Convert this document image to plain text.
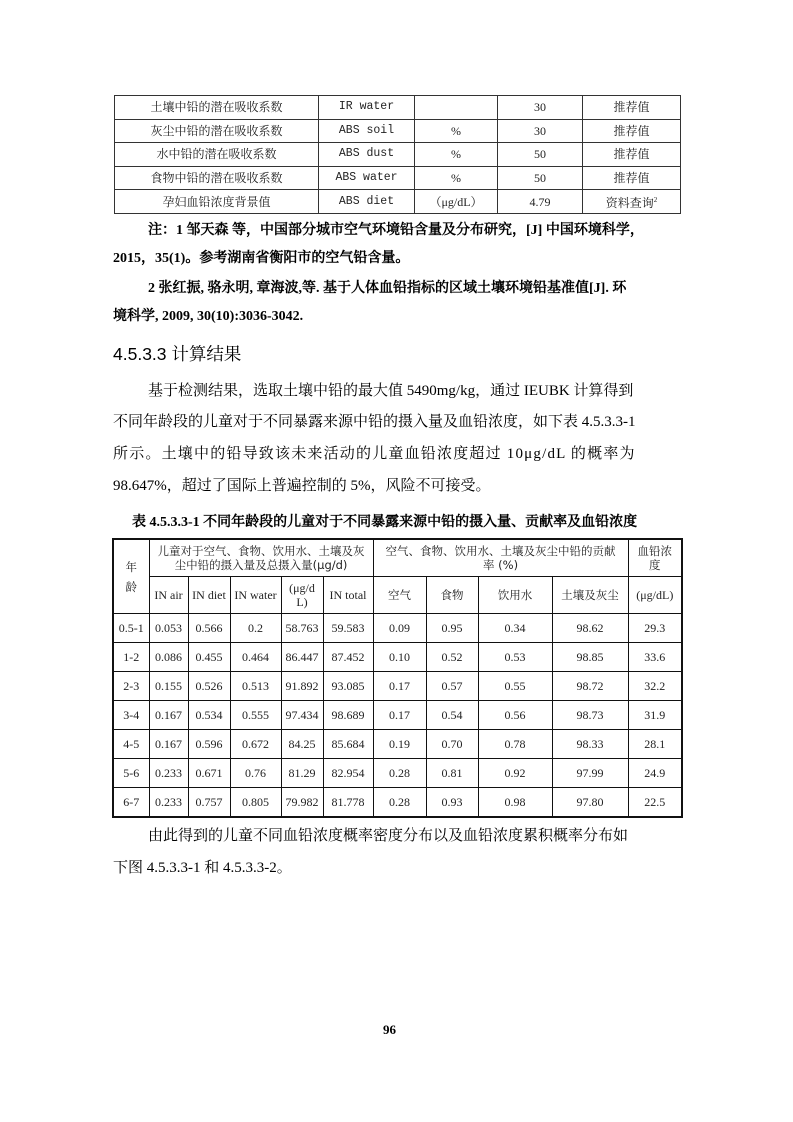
土壤中铅的潜在吸收系数	IR water		30	推荐值
灰尘中铅的潜在吸收系数	ABS soil	%	30	推荐值
水中铅的潜在吸收系数	ABS dust	%	50	推荐值
食物中铅的潜在吸收系数	ABS water	%	50	推荐值
孕妇血铅浓度背景值	ABS diet	（μg/dL）	4.79	资料查询$^2$
注：1 邹天森 等，中国部分城市空气环境铅含量及分布研究，[J] 中国环境科学，
2015，35(1)。参考湖南省衡阳市的空气铅含量。
2 张红振, 骆永明, 章海波,等. 基于人体血铅指标的区域土壤环境铅基准值[J]. 环
境科学, 2009, 30(10):3036-3042.
4.5.3.3 计算结果
基于检测结果，选取土壤中铅的最大值 5490mg/kg，通过 IEUBK 计算得到
不同年龄段的儿童对于不同暴露来源中铅的摄入量及血铅浓度，如下表 4.5.3.3-1
所示。土壤中的铅导致该未来活动的儿童血铅浓度超过 10μg/dL 的概率为
98.647%，超过了国际上普遍控制的 5%，风险不可接受。
表 4.5.3.3-1 不同年龄段的儿童对于不同暴露来源中铅的摄入量、贡献率及血铅浓度
年龄	儿童对于空气、食物、饮用水、土壤及灰尘中铅的摄入量及总摄入量(μg/d)					空气、食物、饮用水、土壤及灰尘中铅的贡献率 (%)				血铅浓度
	IN air	IN diet	IN water	(μg/dL)	IN total	空气	食物	饮用水	土壤及灰尘	(μg/dL)
0.5-1	0.053	0.566	0.2	58.763	59.583	0.09	0.95	0.34	98.62	29.3
1-2	0.086	0.455	0.464	86.447	87.452	0.10	0.52	0.53	98.85	33.6
2-3	0.155	0.526	0.513	91.892	93.085	0.17	0.57	0.55	98.72	32.2
3-4	0.167	0.534	0.555	97.434	98.689	0.17	0.54	0.56	98.73	31.9
4-5	0.167	0.596	0.672	84.25	85.684	0.19	0.70	0.78	98.33	28.1
5-6	0.233	0.671	0.76	81.29	82.954	0.28	0.81	0.92	97.99	24.9
6-7	0.233	0.757	0.805	79.982	81.778	0.28	0.93	0.98	97.80	22.5
由此得到的儿童不同血铅浓度概率密度分布以及血铅浓度累积概率分布如
下图 4.5.3.3-1 和 4.5.3.3-2。
96
